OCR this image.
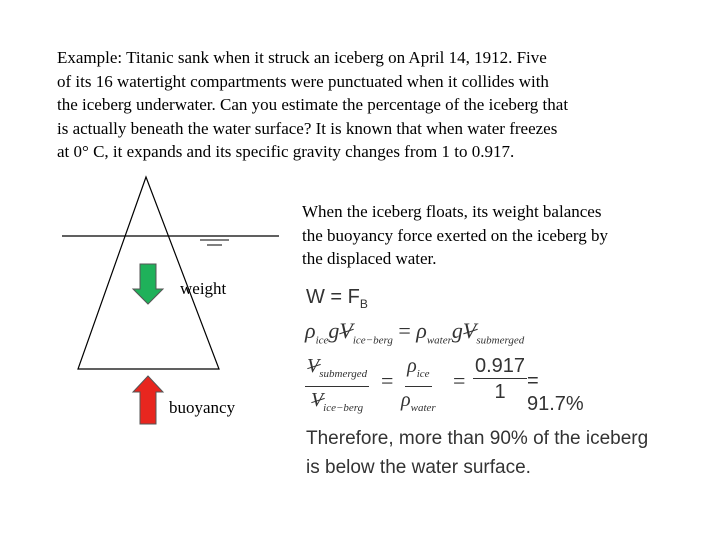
Example: Titanic sank when it struck an iceberg on April 14, 1912. Five
of its 16 watertight compartments were punctuated when it collides with
the iceberg underwater. Can you estimate the percentage of the iceberg that
is actually beneath the water surface? It is known that when water freezes
at 0° C, it expands and its specific gravity changes from 1 to 0.917.
weight
buoyancy
When the iceberg floats, its weight balances
the buoyancy force exerted on the iceberg by
the displaced water.
$W = F_B$
$\rho_{ice}gV_{ice-berg} = \rho_{water}gV_{submerged}$
$V_{submerged}$
$V_{ice-berg}$
=
$\rho_{ice}$
$\rho_{water}$
= $\frac{0.917}{1} = 91.7\%$
Therefore, more than 90% of the iceberg
is below the water surface.
